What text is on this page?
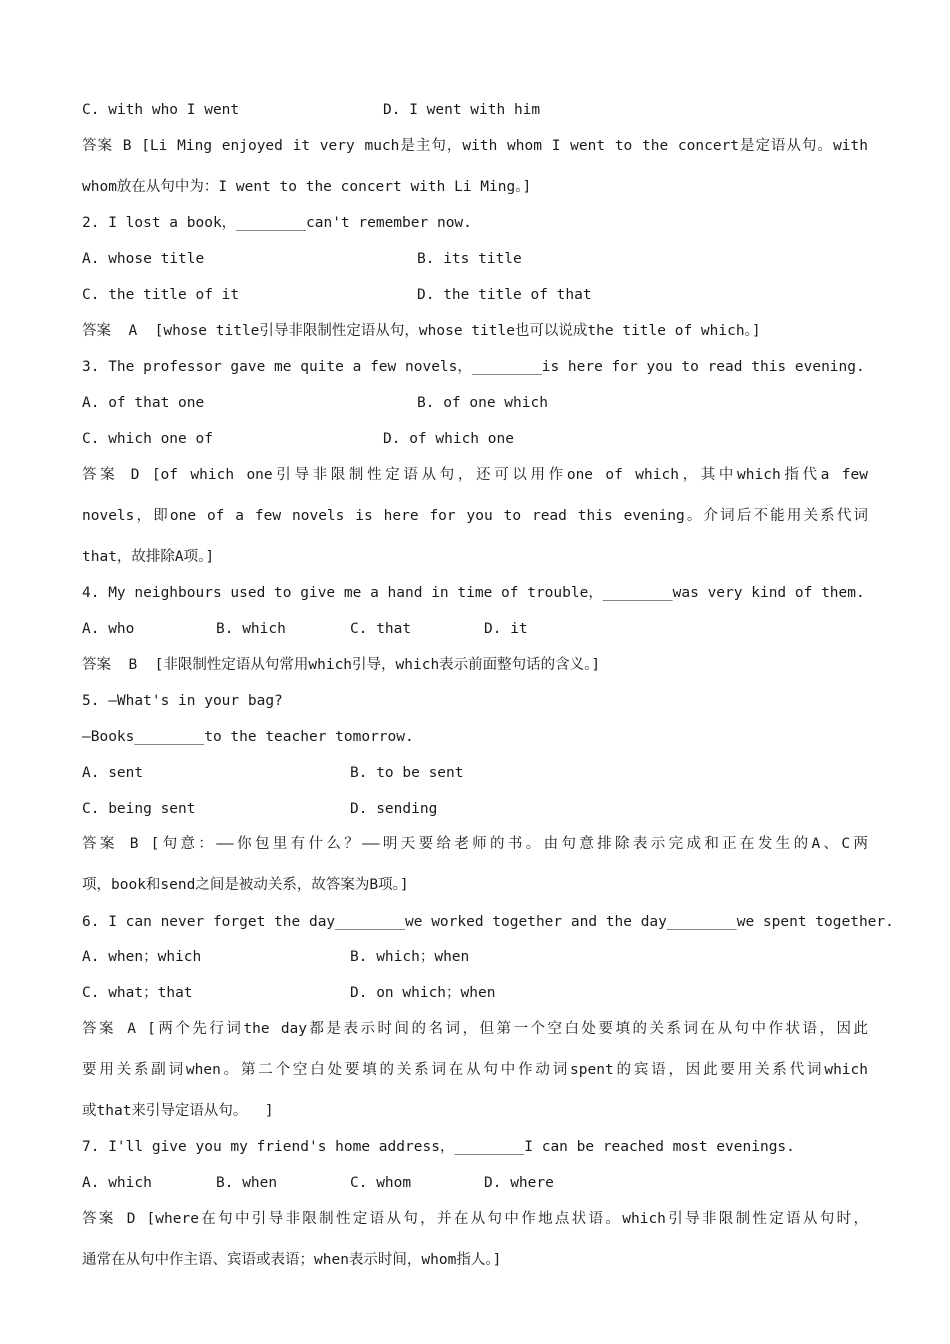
C. with who I went	D. I went with him
答案 B [Li Ming enjoyed it very much是主句，with whom I went to the concert是定语从句。with
whom放在从句中为：I went to the concert with Li Ming。]
2. I lost a book，________can't remember now.
A. whose title	B. its title
C. the title of it	D. the title of that
答案  A  [whose title引导非限制性定语从句，whose title也可以说成the title of which。]
3. The professor gave me quite a few novels，________is here for you to read this evening.
A. of that one	B. of one which
C. which one of	D. of which one
答案 D [of which one引导非限制性定语从句，还可以用作one of which，其中which指代a few
novels，即one of a few novels is here for you to read this evening。介词后不能用关系代词
that，故排除A项。]
4. My neighbours used to give me a hand in time of trouble，________was very kind of them.
A. who	B. which	C. that	D. it
答案  B  [非限制性定语从句常用which引导，which表示前面整句话的含义。]
5. —What's in your bag?
—Books________to the teacher tomorrow.
A. sent	B. to be sent
C. being sent	D. sending
答案 B [句意：——你包里有什么？——明天要给老师的书。由句意排除表示完成和正在发生的A、C两
项，book和send之间是被动关系，故答案为B项。]
6. I can never forget the day________we worked together and the day________we spent together.
A. when；which	B. which；when
C. what；that	D. on which；when
答案 A [两个先行词the day都是表示时间的名词，但第一个空白处要填的关系词在从句中作状语，因此
要用关系副词when。第二个空白处要填的关系词在从句中作动词spent的宾语，因此要用关系代词which
或that来引导定语从句。  ]
7. I'll give you my friend's home address，________I can be reached most evenings.
A. which	B. when	C. whom	D. where
答案 D [where在句中引导非限制性定语从句，并在从句中作地点状语。which引导非限制性定语从句时，
通常在从句中作主语、宾语或表语；when表示时间，whom指人。]
